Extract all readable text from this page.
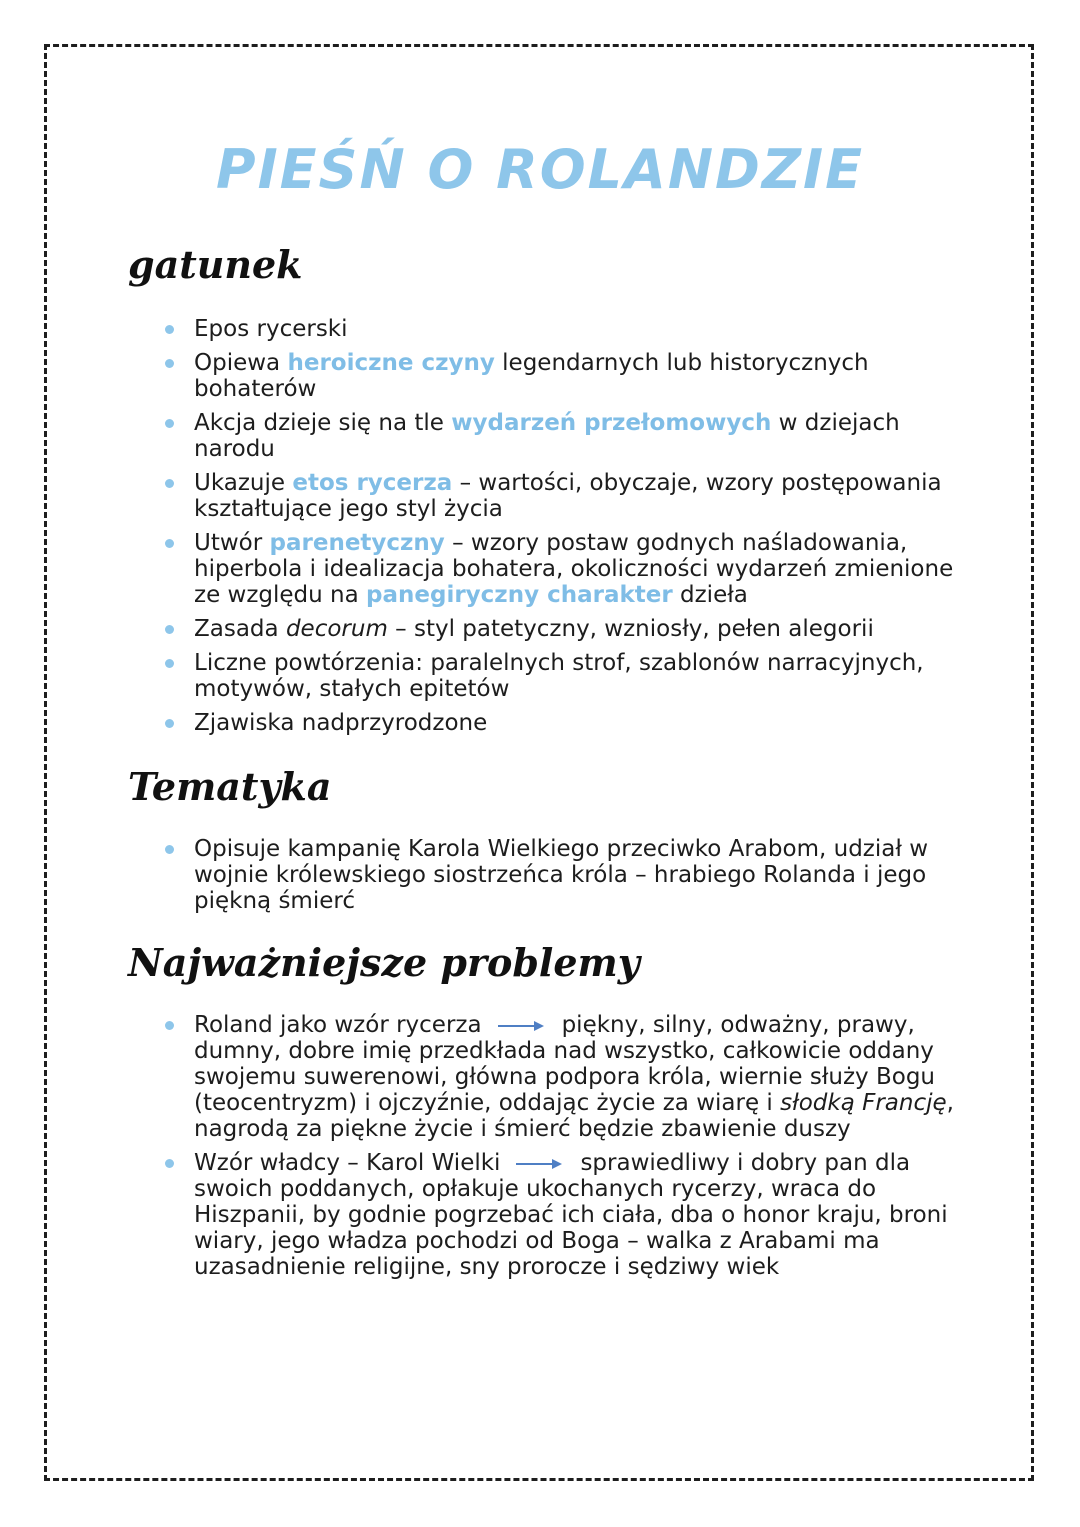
PIEŚŃ O ROLANDZIE
gatunek
Epos rycerski
Opiewa heroiczne czyny legendarnych lub historycznych bohaterów
Akcja dzieje się na tle wydarzeń przełomowych w dziejach narodu
Ukazuje etos rycerza – wartości, obyczaje, wzory postępowania kształtujące jego styl życia
Utwór parenetyczny – wzory postaw godnych naśladowania, hiperbola i idealizacja bohatera, okoliczności wydarzeń zmienione ze względu na panegiryczny charakter dzieła
Zasada decorum – styl patetyczny, wzniosły, pełen alegorii
Liczne powtórzenia: paralelnych strof, szablonów narracyjnych, motywów, stałych epitetów
Zjawiska nadprzyrodzone
Tematyka
Opisuje kampanię Karola Wielkiego przeciwko Arabom, udział w wojnie królewskiego siostrzeńca króla – hrabiego Rolanda i jego piękną śmierć
Najważniejsze problemy
Roland jako wzór rycerza	piękny, silny, odważny, prawy, dumny, dobre imię przedkłada nad wszystko, całkowicie oddany swojemu suwerenowi, główna podpora króla, wiernie służy Bogu (teocentryzm) i ojczyźnie, oddając życie za wiarę i słodką Francję, nagrodą za piękne życie i śmierć będzie zbawienie duszy
Wzór władcy – Karol Wielki	sprawiedliwy i dobry pan dla swoich poddanych, opłakuje ukochanych rycerzy, wraca do Hiszpanii, by godnie pogrzebać ich ciała, dba o honor kraju, broni wiary, jego władza pochodzi od Boga – walka z Arabami ma uzasadnienie religijne, sny prorocze i sędziwy wiek
